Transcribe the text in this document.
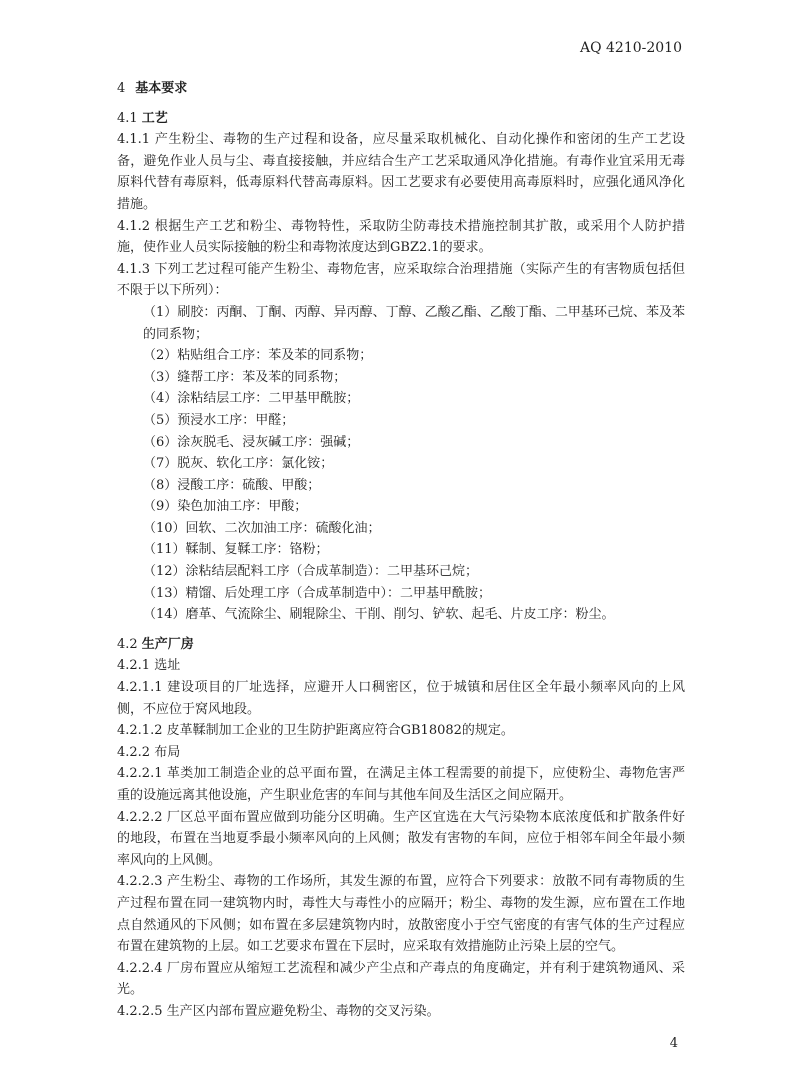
AQ 4210-2010

4 基本要求

4.1 工艺

4.1.1 产生粉尘、毒物的生产过程和设备，应尽量采取机械化、自动化操作和密闭的生产工艺设备，避免作业人员与尘、毒直接接触，并应结合生产工艺采取通风净化措施。有毒作业宜采用无毒原料代替有毒原料，低毒原料代替高毒原料。因工艺要求有必要使用高毒原料时，应强化通风净化措施。

4.1.2 根据生产工艺和粉尘、毒物特性，采取防尘防毒技术措施控制其扩散，或采用个人防护措施，使作业人员实际接触的粉尘和毒物浓度达到GBZ2.1的要求。

4.1.3 下列工艺过程可能产生粉尘、毒物危害，应采取综合治理措施（实际产生的有害物质包括但不限于以下所列）：

（1）刷胶：丙酮、丁酮、丙醇、异丙醇、丁醇、乙酸乙酯、乙酸丁酯、二甲基环己烷、苯及苯的同系物；

（2）粘贴组合工序：苯及苯的同系物；

（3）缝帮工序：苯及苯的同系物；

（4）涂粘结层工序：二甲基甲酰胺；

（5）预浸水工序：甲醛；

（6）涂灰脱毛、浸灰碱工序：强碱；

（7）脱灰、软化工序：氯化铵；

（8）浸酸工序：硫酸、甲酸；

（9）染色加油工序：甲酸；

（10）回软、二次加油工序：硫酸化油；

（11）鞣制、复鞣工序：铬粉；

（12）涂粘结层配料工序（合成革制造）：二甲基环己烷；

（13）精馏、后处理工序（合成革制造中）：二甲基甲酰胺；

（14）磨革、气流除尘、刷辊除尘、干削、削匀、铲软、起毛、片皮工序：粉尘。

4.2 生产厂房

4.2.1 选址

4.2.1.1 建设项目的厂址选择，应避开人口稠密区，位于城镇和居住区全年最小频率风向的上风侧，不应位于窝风地段。

4.2.1.2 皮革鞣制加工企业的卫生防护距离应符合GB18082的规定。

4.2.2 布局

4.2.2.1 革类加工制造企业的总平面布置，在满足主体工程需要的前提下，应使粉尘、毒物危害严重的设施远离其他设施，产生职业危害的车间与其他车间及生活区之间应隔开。

4.2.2.2 厂区总平面布置应做到功能分区明确。生产区宜选在大气污染物本底浓度低和扩散条件好的地段，布置在当地夏季最小频率风向的上风侧；散发有害物的车间，应位于相邻车间全年最小频率风向的上风侧。

4.2.2.3 产生粉尘、毒物的工作场所，其发生源的布置，应符合下列要求：放散不同有毒物质的生产过程布置在同一建筑物内时，毒性大与毒性小的应隔开；粉尘、毒物的发生源，应布置在工作地点自然通风的下风侧；如布置在多层建筑物内时，放散密度小于空气密度的有害气体的生产过程应布置在建筑物的上层。如工艺要求布置在下层时，应采取有效措施防止污染上层的空气。

4.2.2.4 厂房布置应从缩短工艺流程和减少产尘点和产毒点的角度确定，并有利于建筑物通风、采光。

4.2.2.5 生产区内部布置应避免粉尘、毒物的交叉污染。

4
